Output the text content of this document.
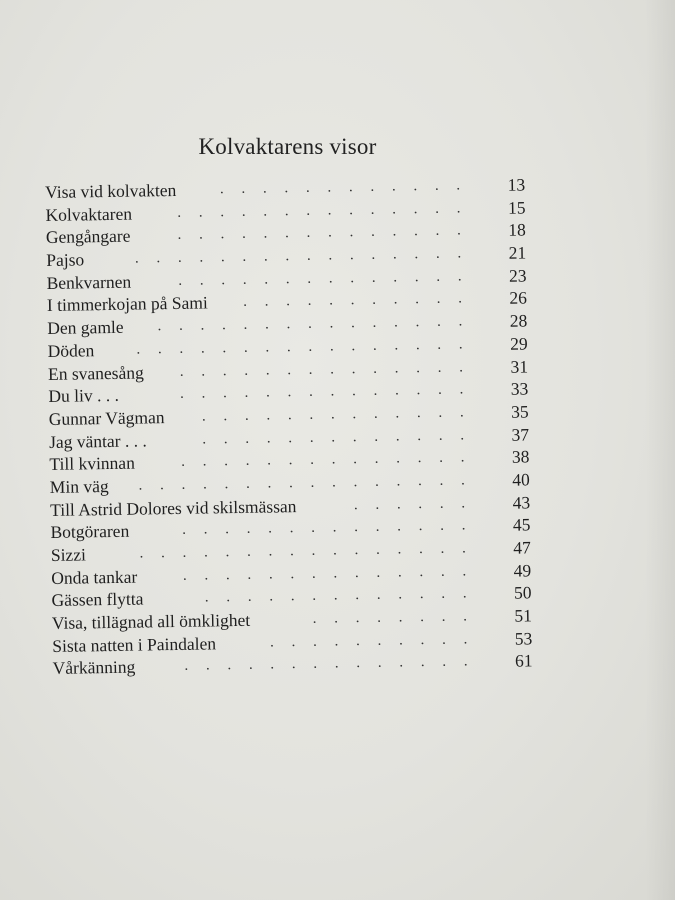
Kolvaktarens visor
Visa vid kolvakten	. . . . . . . . . . . .	13
Kolvaktaren	. . . . . . . . . . . . . .	15
Gengångare	. . . . . . . . . . . . . .	18
Pajso	. . . . . . . . . . . . . . . .	21
Benkvarnen	. . . . . . . . . . . . . .	23
I timmerkojan på Sami . . . . . . . . . . .	26
Den gamle . . . . . . . . . . . . . . .	28
Döden	. . . . . . . . . . . . . . . .	29
En svanesång . . . . . . . . . . . . . .	31
Du liv . . .	. . . . . . . . . . . . . .	33
Gunnar Vägman . . . . . . . . . . . . .	35
Jag väntar . . .	. . . . . . . . . . . . .	37
Till kvinnan	. . . . . . . . . . . . . .	38
Min väg . . . . . . . . . . . . . . . .	40
Till Astrid Dolores vid skilsmässan	. . . . . .	43
Botgöraren	. . . . . . . . . . . . . .	45
Sizzi	. . . . . . . . . . . . . . . .	47
Onda tankar	. . . . . . . . . . . . . .	49
Gässen flytta	. . . . . . . . . . . . .	50
Visa, tillägnad all ömklighet	. . . . . . . .	51
Sista natten i Paindalen	. . . . . . . . . .	53
Vårkänning	. . . . . . . . . . . . . .	61
